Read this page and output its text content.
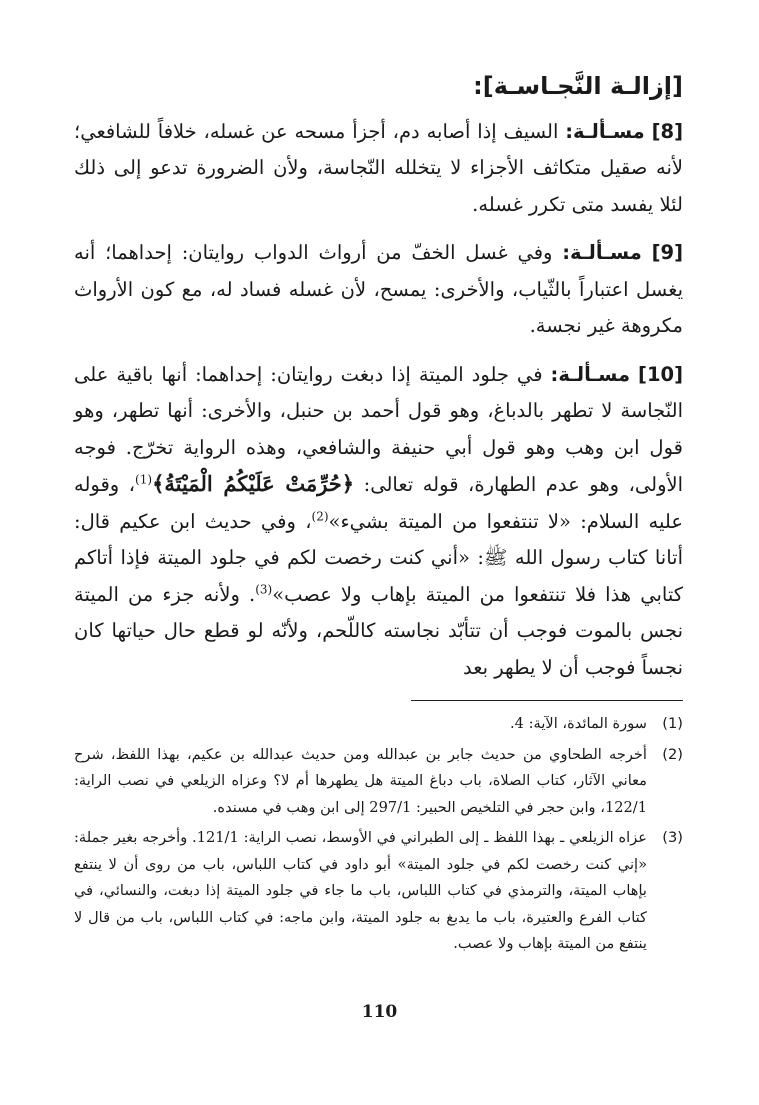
[إزالـة النَّجـاسـة]:

[8] مسـألـة: السيف إذا أصابه دم، أجزأ مسحه عن غسله، خلافاً للشافعي؛ لأنه صقيل متكاثف الأجزاء لا يتخلله النّجاسة، ولأن الضرورة تدعو إلى ذلك لئلا يفسد متى تكرر غسله.

[9] مسـألـة: وفي غسل الخفّ من أرواث الدواب روايتان: إحداهما؛ أنه يغسل اعتباراً بالثّياب، والأخرى: يمسح، لأن غسله فساد له، مع كون الأرواث مكروهة غير نجسة.

[10] مسـألـة: في جلود الميتة إذا دبغت روايتان: إحداهما: أنها باقية على النّجاسة لا تطهر بالدباغ، وهو قول أحمد بن حنبل، والأخرى: أنها تطهر، وهو قول ابن وهب وهو قول أبي حنيفة والشافعي، وهذه الرواية تخرّج. فوجه الأولى، وهو عدم الطهارة، قوله تعالى: ﴿حُرِّمَتْ عَلَيْكُمُ الْمَيْتَةُ﴾$^{(1)}$، وقوله عليه السلام: «لا تنتفعوا من الميتة بشيء»$^{(2)}$، وفي حديث ابن عكيم قال: أتانا كتاب رسول الله ﷺ: «أني كنت رخصت لكم في جلود الميتة فإذا أتاكم كتابي هذا فلا تنتفعوا من الميتة بإهاب ولا عصب»$^{(3)}$. ولأنه جزء من الميتة نجس بالموت فوجب أن تتأبّد نجاسته كاللّحم، ولأنّه لو قطع حال حياتها كان نجساً فوجب أن لا يطهر بعد

(1)
سورة المائدة، الآية: 4.
(2)
أخرجه الطحاوي من حديث جابر بن عبدالله ومن حديث عبدالله بن عكيم، بهذا اللفظ، شرح معاني الآثار، كتاب الصلاة، باب دباغ الميتة هل يطهرها أم لا؟ وعزاه الزيلعي في نصب الراية: 122/1، وابن حجر في التلخيص الحبير: 297/1 إلى ابن وهب في مسنده.
(3)
عزاه الزيلعي ـ بهذا اللفظ ـ إلى الطبراني في الأوسط، نصب الراية: 121/1. وأخرجه بغير جملة: «إني كنت رخصت لكم في جلود الميتة» أبو داود في كتاب اللباس، باب من روى أن لا ينتفع بإهاب الميتة، والترمذي في كتاب اللباس، باب ما جاء في جلود الميتة إذا دبغت، والنسائي، في كتاب الفرع والعتيرة، باب ما يدبغ به جلود الميتة، وابن ماجه: في كتاب اللباس، باب من قال لا ينتفع من الميتة بإهاب ولا عصب.
110
